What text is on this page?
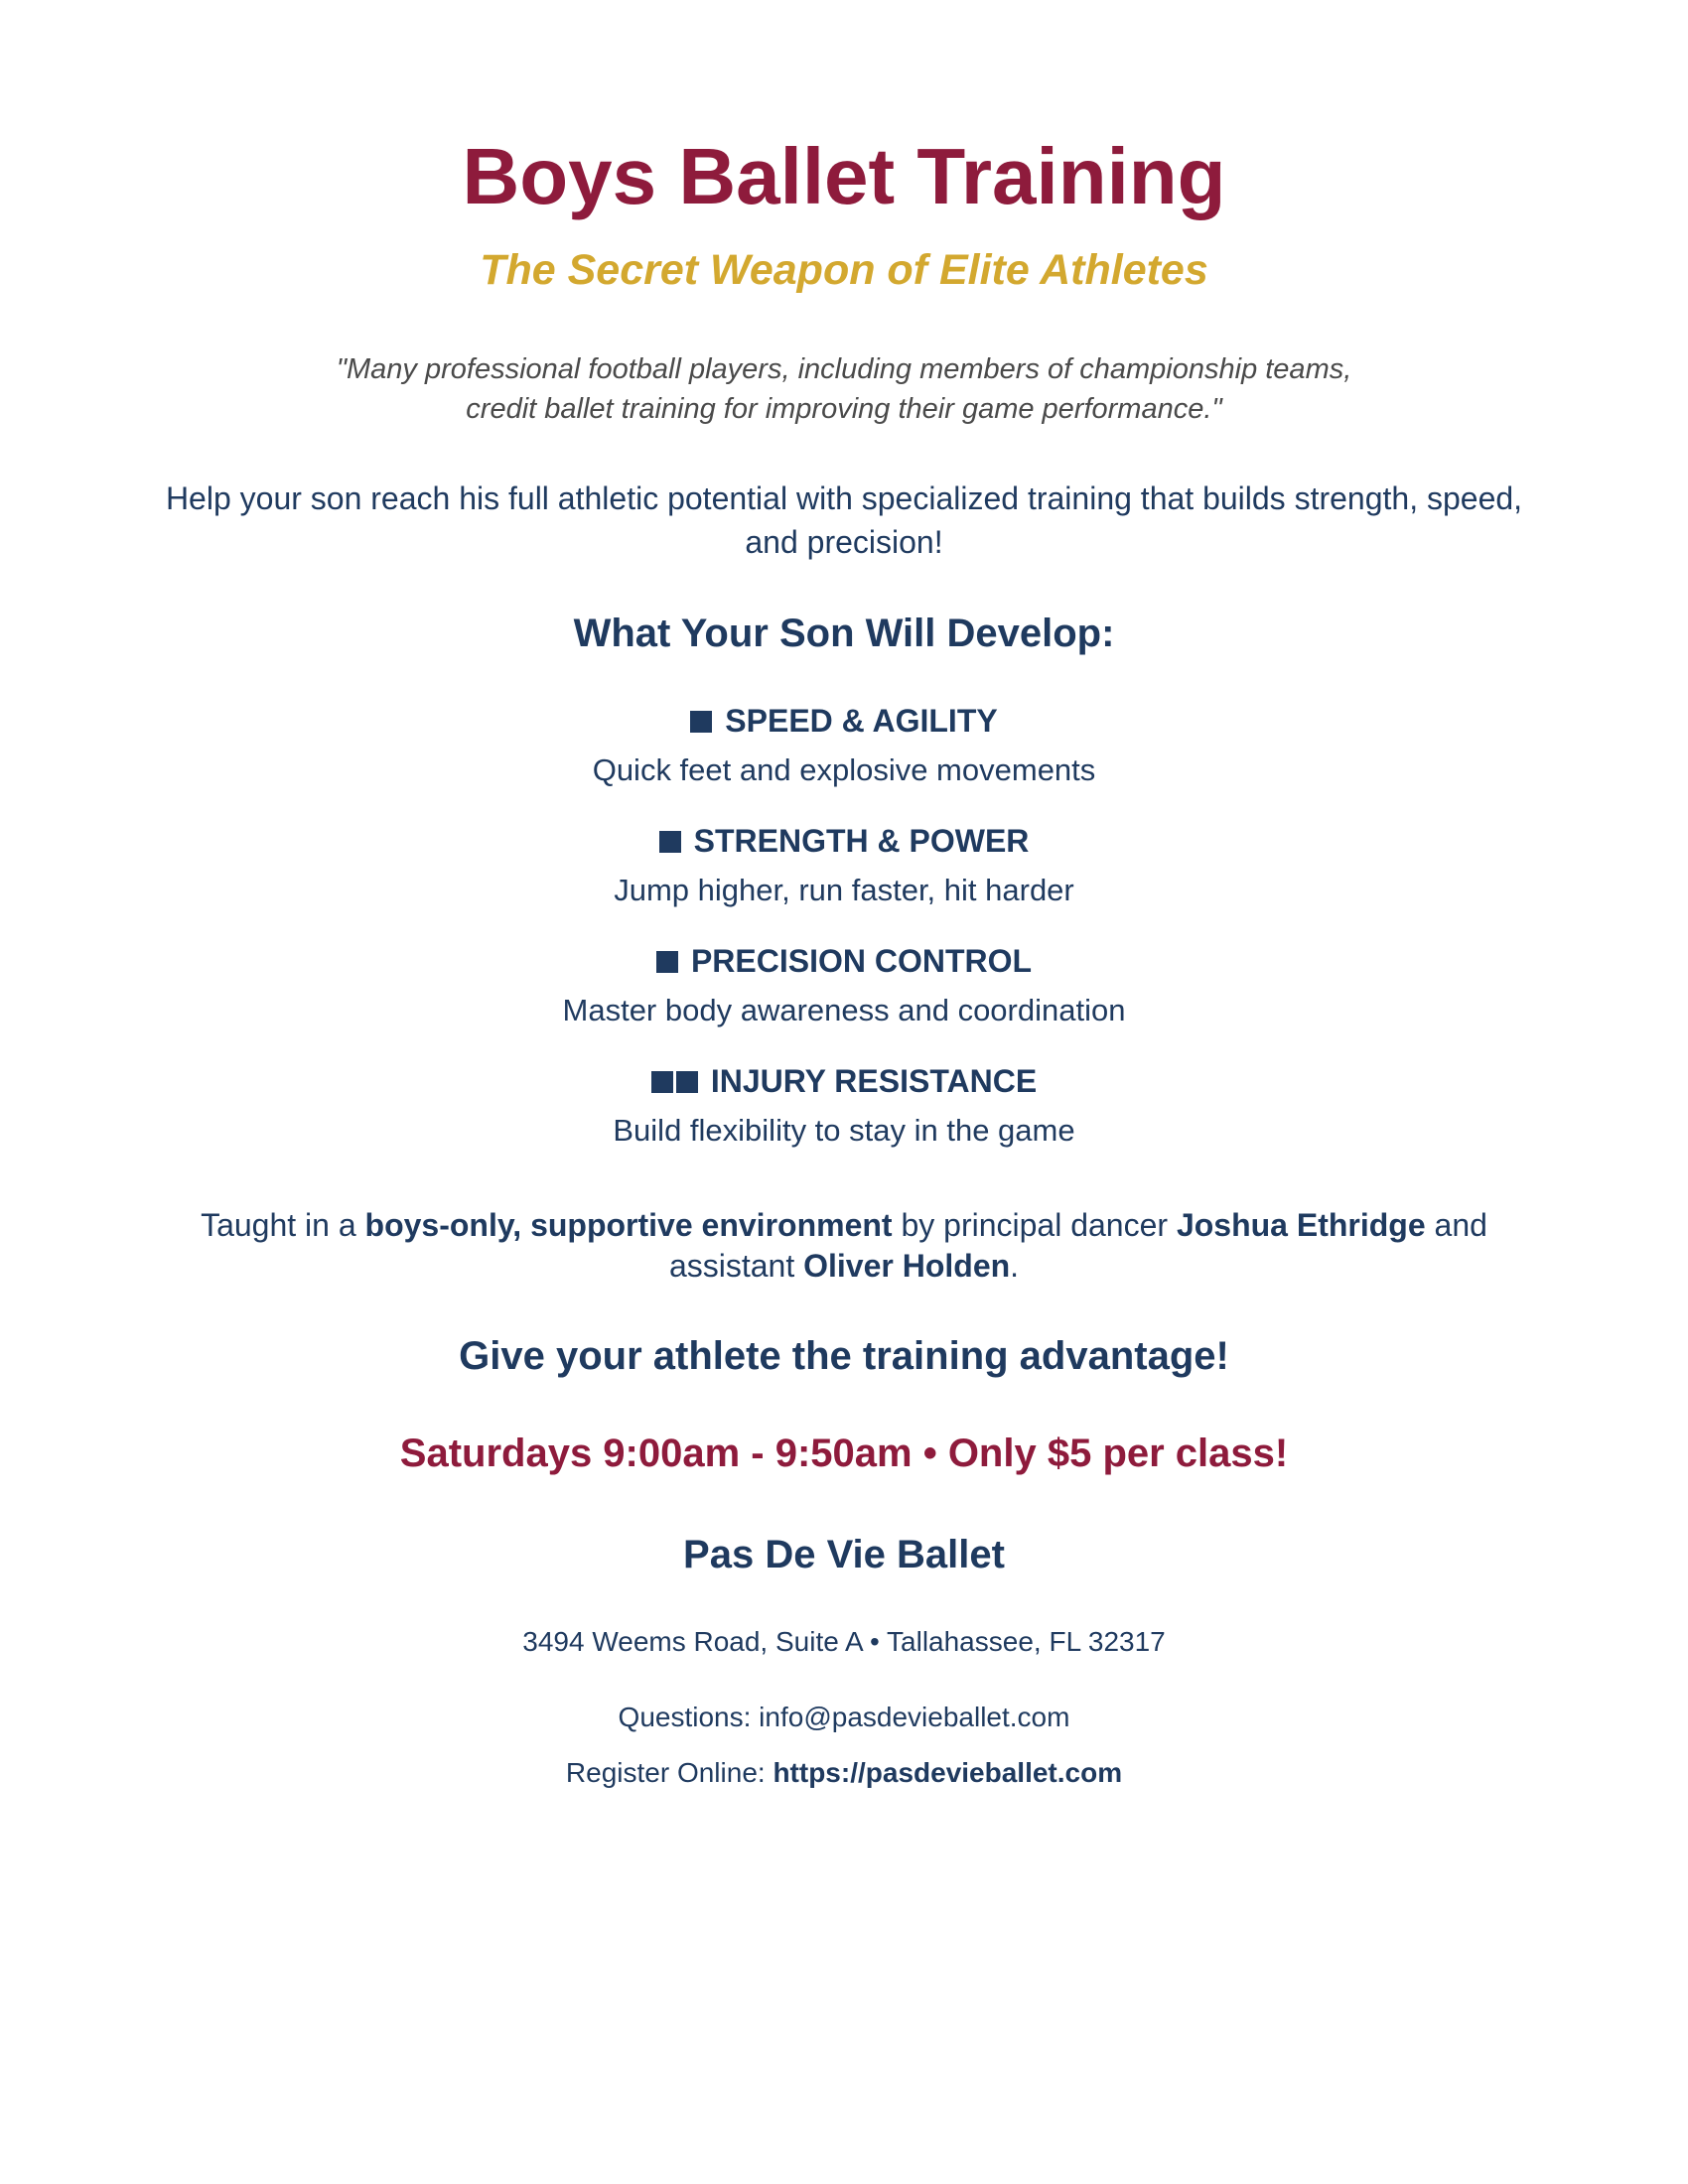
Boys Ballet Training
The Secret Weapon of Elite Athletes
"Many professional football players, including members of championship teams,
credit ballet training for improving their game performance."
Help your son reach his full athletic potential with specialized training that builds strength, speed,
and precision!
What Your Son Will Develop:
SPEED & AGILITY
Quick feet and explosive movements
STRENGTH & POWER
Jump higher, run faster, hit harder
PRECISION CONTROL
Master body awareness and coordination
INJURY RESISTANCE
Build flexibility to stay in the game
Taught in a boys-only, supportive environment by principal dancer Joshua Ethridge and
assistant Oliver Holden.
Give your athlete the training advantage!
Saturdays 9:00am - 9:50am • Only $5 per class!
Pas De Vie Ballet
3494 Weems Road, Suite A • Tallahassee, FL 32317
Questions: info@pasdevieballet.com
Register Online: https://pasdevieballet.com
